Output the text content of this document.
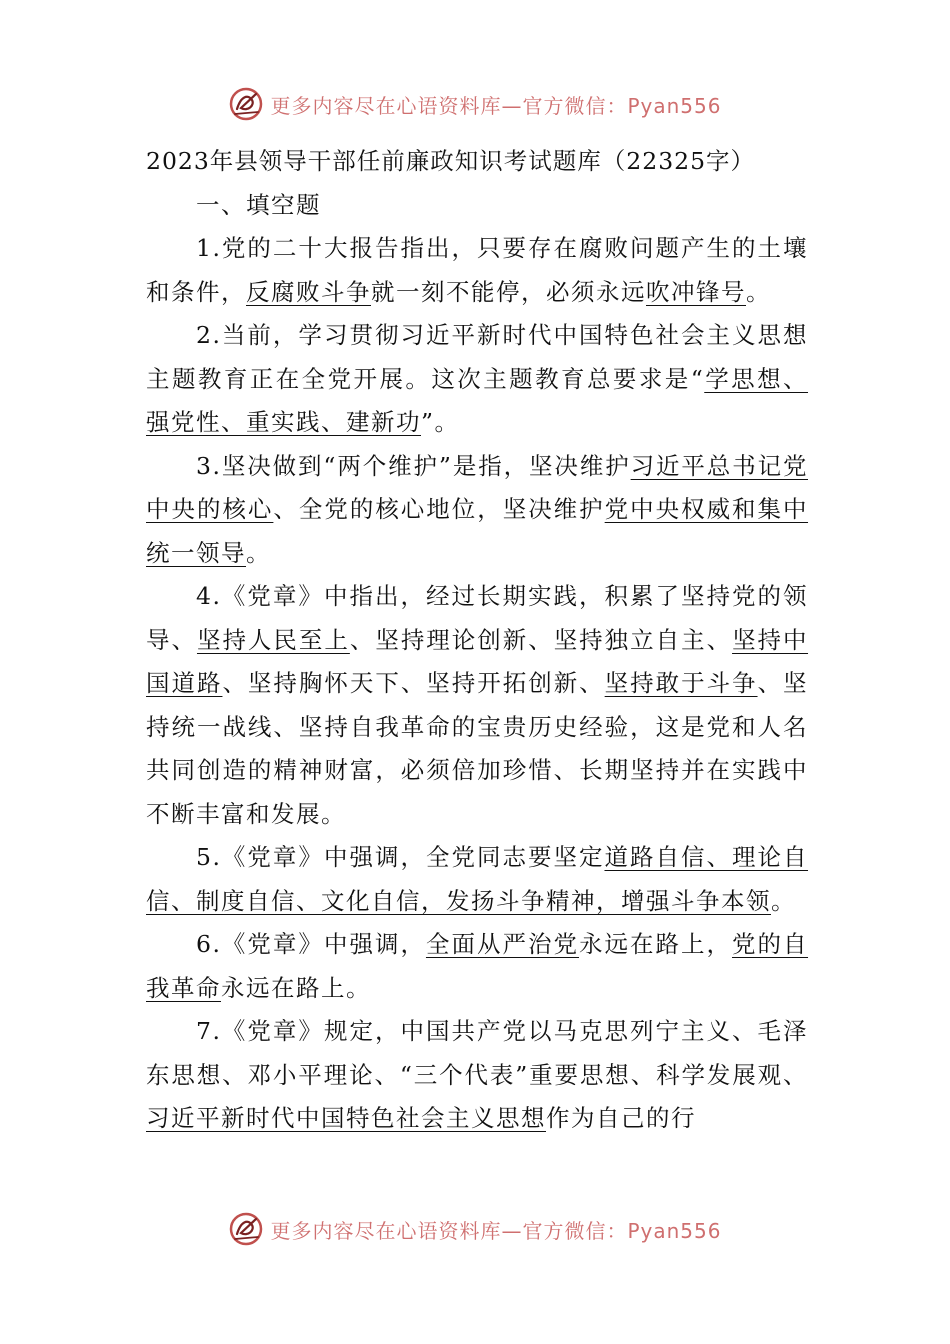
更多内容尽在心语资料库—官方微信：Pyan556

2023年县领导干部任前廉政知识考试题库（22325字）

一、填空题

1.党的二十大报告指出，只要存在腐败问题产生的土壤和条件，反腐败斗争就一刻不能停，必须永远吹冲锋号。

2.当前，学习贯彻习近平新时代中国特色社会主义思想主题教育正在全党开展。这次主题教育总要求是“学思想、强党性、重实践、建新功”。

3.坚决做到“两个维护”是指，坚决维护习近平总书记党中央的核心、全党的核心地位，坚决维护党中央权威和集中统一领导。

4.《党章》中指出，经过长期实践，积累了坚持党的领导、坚持人民至上、坚持理论创新、坚持独立自主、坚持中国道路、坚持胸怀天下、坚持开拓创新、坚持敢于斗争、坚持统一战线、坚持自我革命的宝贵历史经验，这是党和人名共同创造的精神财富，必须倍加珍惜、长期坚持并在实践中不断丰富和发展。

5.《党章》中强调，全党同志要坚定道路自信、理论自信、制度自信、文化自信，发扬斗争精神，增强斗争本领。

6.《党章》中强调，全面从严治党永远在路上，党的自我革命永远在路上。

7.《党章》规定，中国共产党以马克思列宁主义、毛泽东思想、邓小平理论、“三个代表”重要思想、科学发展观、习近平新时代中国特色社会主义思想作为自己的行

更多内容尽在心语资料库—官方微信：Pyan556
